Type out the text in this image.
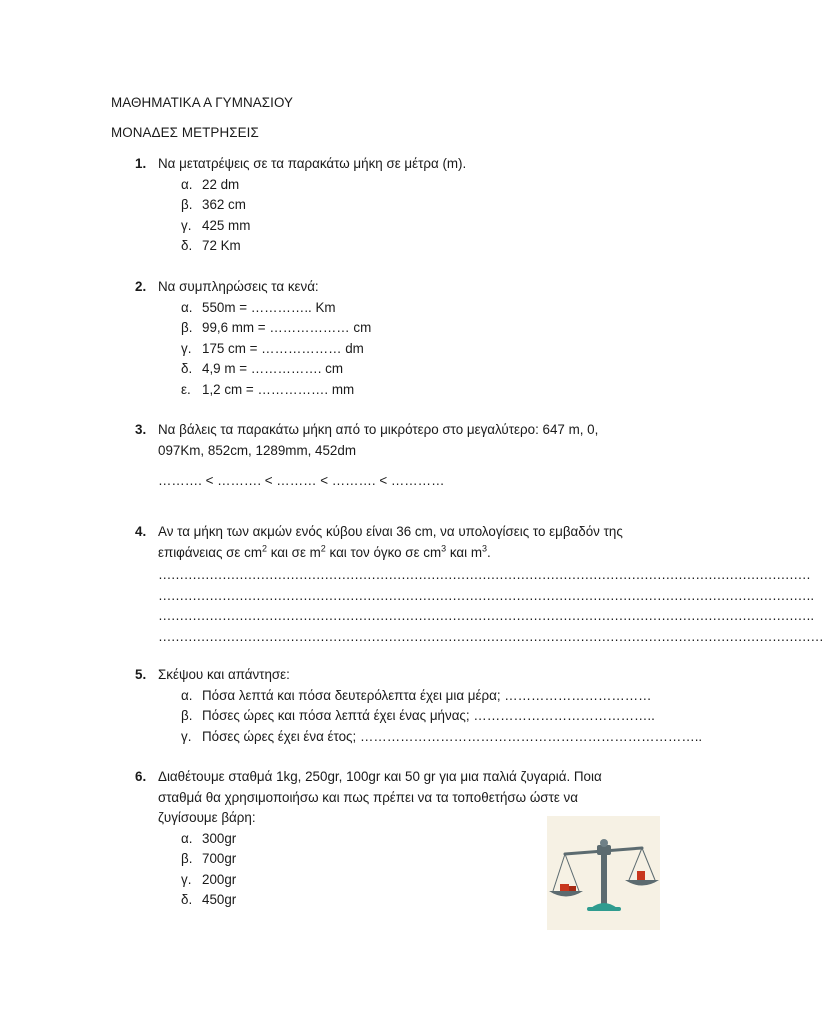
ΜΑΘΗΜΑΤΙΚΑ Α ΓΥΜΝΑΣΙΟΥ
ΜΟΝΑΔΕΣ ΜΕΤΡΗΣΕΙΣ
1. Να μετατρέψεις σε τα παρακάτω μήκη σε μέτρα (m).
α. 22 dm
β. 362 cm
γ. 425 mm
δ. 72 Km
2. Να συμπληρώσεις τα κενά:
α. 550m = ………….. Km
β. 99,6 mm = ……………… cm
γ. 175 cm = ……………… dm
δ. 4,9 m = ……………. cm
ε. 1,2 cm = ……………. mm
3. Να βάλεις τα παρακάτω μήκη από το μικρότερο στο μεγαλύτερο: 647 m, 0,
097Km, 852cm, 1289mm, 452dm
………. < ………. < ……… < ………. < …………
4. Αν τα μήκη των ακμών ενός κύβου είναι 36 cm, να υπολογίσεις το εμβαδόν της
επιφάνειας σε $cm^2$ και σε $m^2$ και τον όγκο σε $cm^3$ και $m^3$.
………………………………………………………………………………………………………………………………………
……………………………………………………………………………………………………………………………………….
……………………………………………………………………………………………………………………………………….
…………………………………………………………………………………………………………………………………………
5. Σκέψου και απάντησε:
α. Πόσα λεπτά και πόσα δευτερόλεπτα έχει μια μέρα; ……………………………
β. Πόσες ώρες και πόσα λεπτά έχει ένας μήνας; …………………………………..
γ. Πόσες ώρες έχει ένα έτος; …………………………………………………………………..
6. Διαθέτουμε σταθμά 1kg, 250gr, 100gr και 50 gr για μια παλιά ζυγαριά. Ποια
σταθμά θα χρησιμοποιήσω και πως πρέπει να τα τοποθετήσω ώστε να
ζυγίσουμε βάρη:
α. 300gr
β. 700gr
γ. 200gr
δ. 450gr
